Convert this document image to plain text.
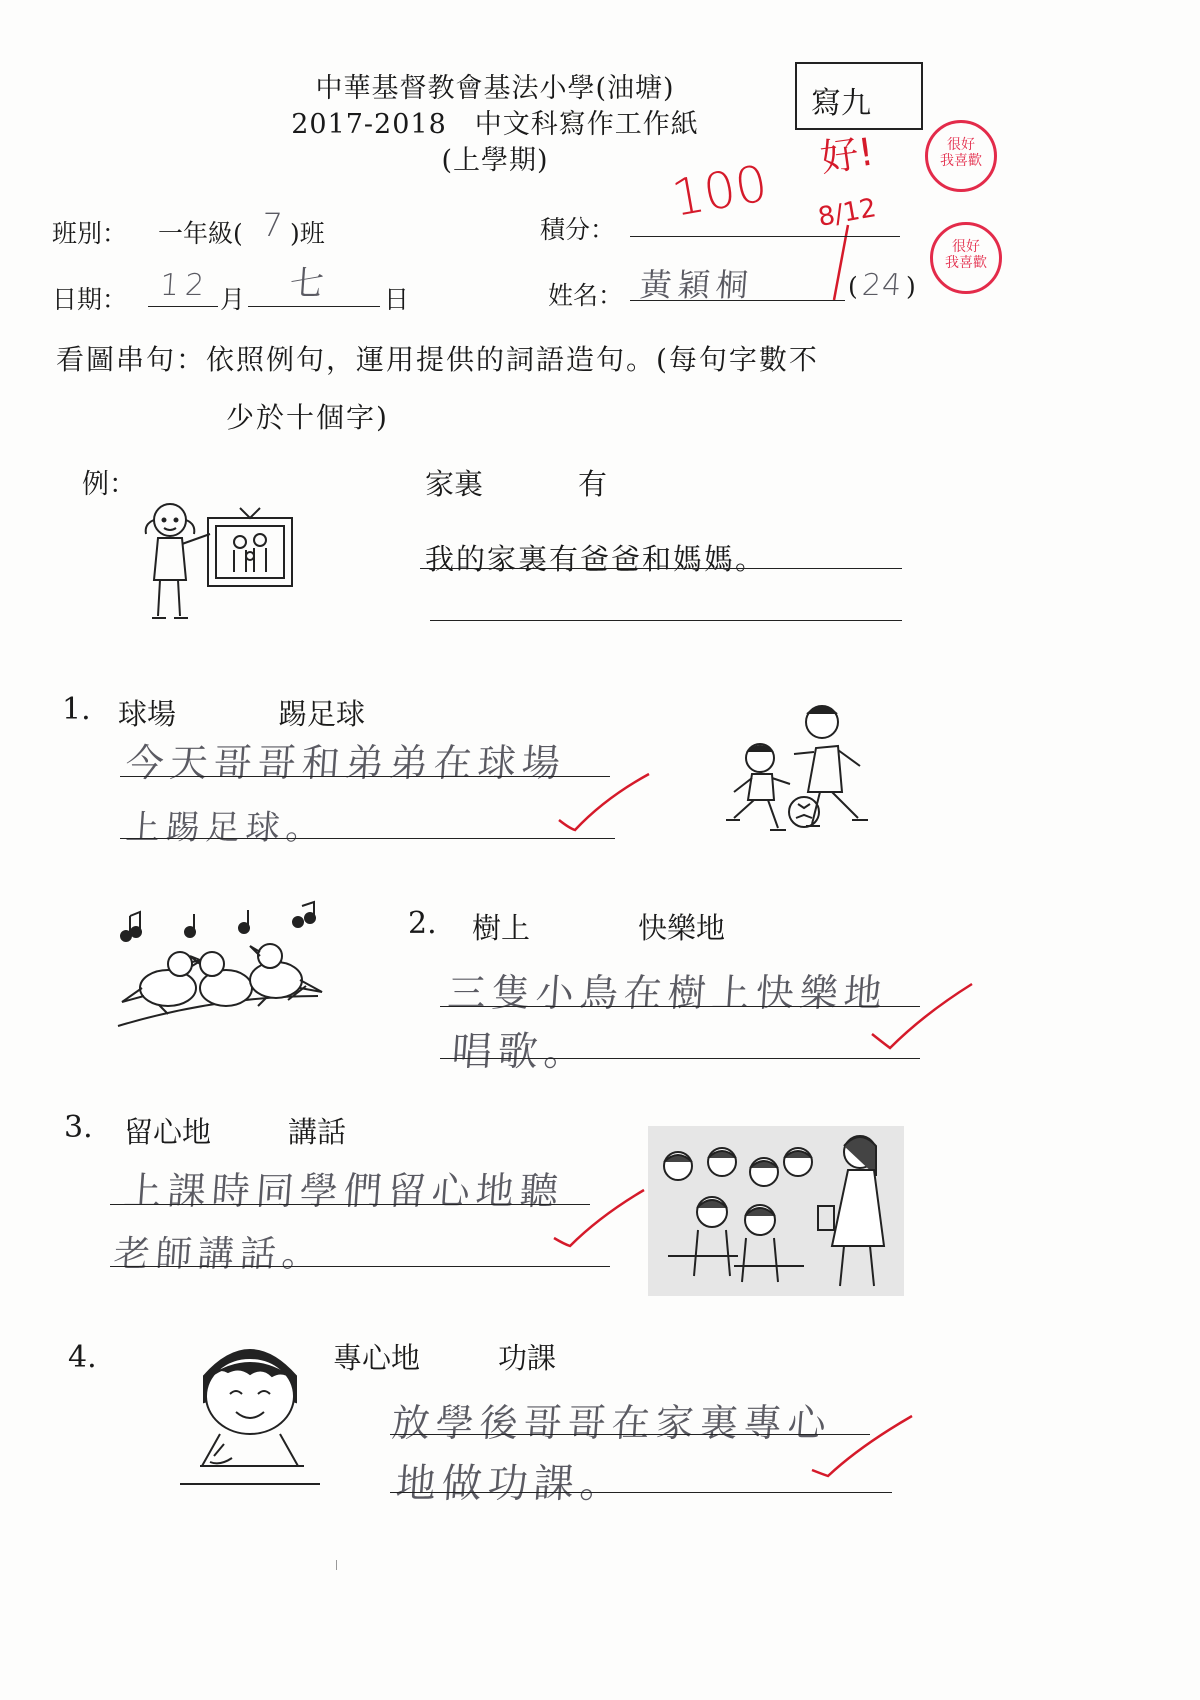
中華基督教會基法小學(油塘)
2017-2018　中文科寫作工作紙
(上學期)
寫九
很好
我喜歡
很好
我喜歡
好!
100 8/12
班別： 一年級( 7 )班	積分：
日期： 12 月 七 日	姓名： 黃穎桐	( 24 )
看圖串句：依照例句，運用提供的詞語造句。(每句字數不
少於十個字)
例：	家裏	有
我的家裏有爸爸和媽媽。
1. 球場	踢足球
今天哥哥和弟弟在球場
上踢足球。
2. 樹上	快樂地
三隻小鳥在樹上快樂地
唱歌。
3. 留心地	講話
上課時同學們留心地聽
老師講話。
4.	專心地	功課
放學後哥哥在家裏專心
地做功課。
